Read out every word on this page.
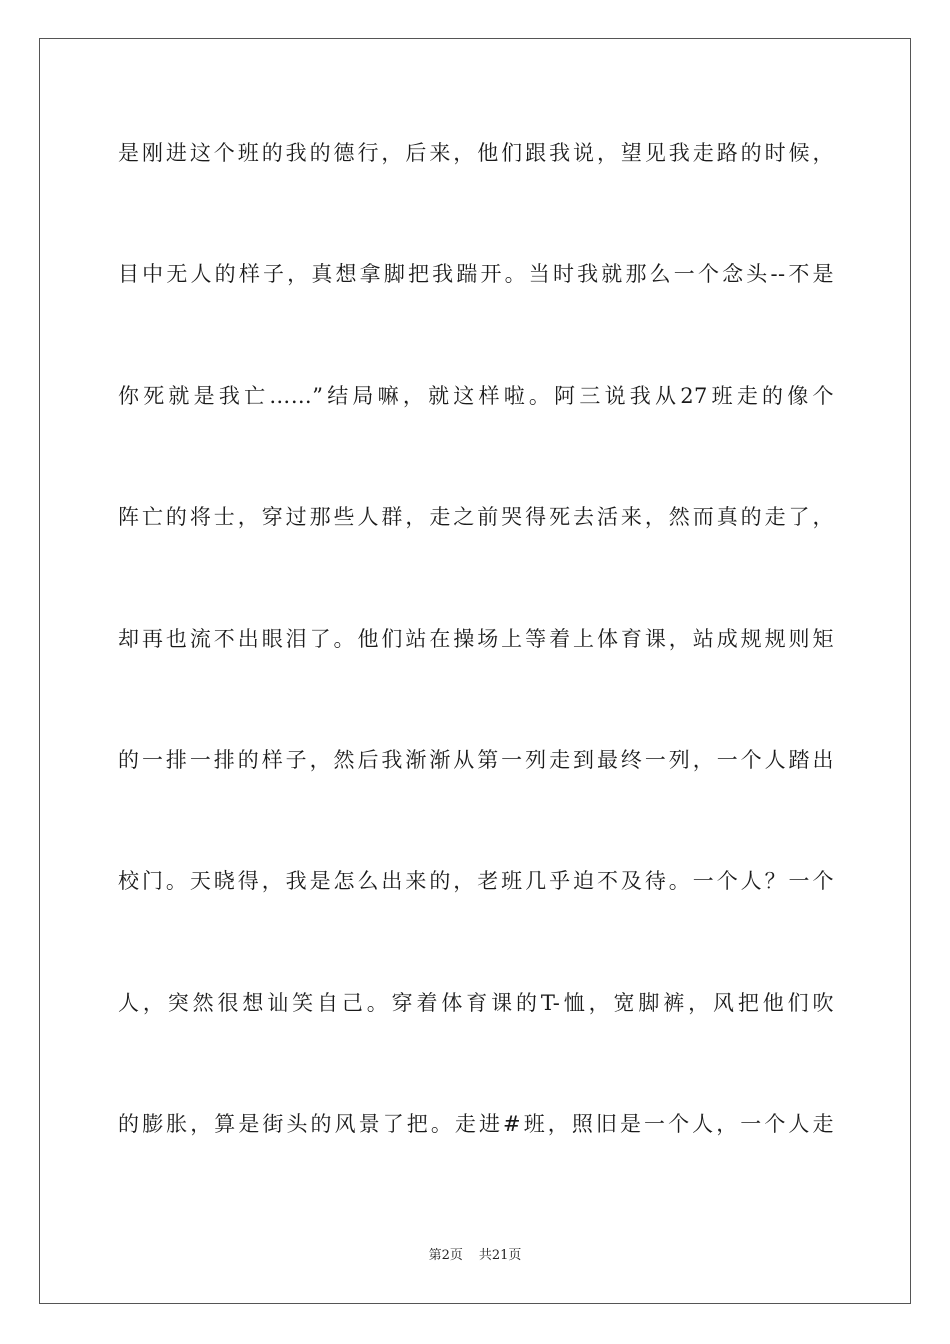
是刚进这个班的我的德行，后来，他们跟我说，望见我走路的时候，
目中无人的样子，真想拿脚把我踹开。当时我就那么一个念头--不是
你死就是我亡……”结局嘛，就这样啦。阿三说我从27班走的像个
阵亡的将士，穿过那些人群，走之前哭得死去活来，然而真的走了，
却再也流不出眼泪了。他们站在操场上等着上体育课，站成规规则矩
的一排一排的样子，然后我渐渐从第一列走到最终一列，一个人踏出
校门。天晓得，我是怎么出来的，老班几乎迫不及待。一个人？一个
人，突然很想讪笑自己。穿着体育课的T-恤，宽脚裤，风把他们吹
的膨胀，算是街头的风景了把。走进#班，照旧是一个人，一个人走
第2页 共21页
